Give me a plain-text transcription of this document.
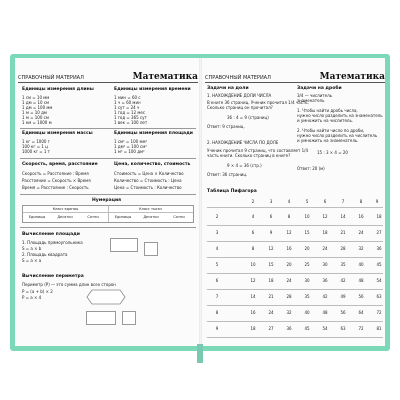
СПРАВОЧНЫЙ МАТЕРИАЛ	Математика
Единицы измерения длины	Единицы измерения времени
1 см = 10 мм
1 дм = 10 см
1 дм = 100 мм
1 м = 10 дм
1 м = 100 см
1 км = 1000 м
1 мин = 60 с
1 ч = 60 мин
1 сут = 24 ч
1 год = 12 мес
1 год = 365 сут
1 век = 100 лет
Единицы измерения массы	Единицы измерения площади
1 кг = 1000 г
100 кг = 1 ц
1000 кг = 1 т
1 см² = 100 мм²
1 дм² = 100 см²
1 м² = 100 дм²
Скорость, время, расстояние	Цена, количество, стоимость
Скорость = Расстояние : Время
Расстояние = Скорость × Время
Время = Расстояние : Скорость
Стоимость = Цена × Количество
Количество = Стоимость : Цена
Цена = Стоимость : Количество
Нумерация
Класс единиц	Класс тысяч
Единицы	Десятки	Сотни	Единицы	Десятки	Сотни
Вычисление площади
1. Площадь прямоугольника
S = a × b
2. Площадь квадрата
S = a × a
Вычисление периметра
Периметр (P) — это сумма длин всех сторон
P = (a + b) × 2
P = a × 4
СПРАВОЧНЫЙ МАТЕРИАЛ	Математика
Задачи на доли	Задачи на дроби
1. НАХОЖДЕНИЕ ДОЛИ ЧИСЛА
В книге 36 страниц. Ученик прочитал 1/4 часть.
Сколько страниц он прочитал?
36 : 4 = 9 (страниц)
Ответ: 9 страниц.
2. НАХОЖДЕНИЕ ЧИСЛА ПО ДОЛЕ
Ученик прочитал 9 страниц, что составляет 1/4
часть книги. Сколько страниц в книге?
9 × 4 = 36 (стр.)
Ответ: 36 страниц.
3/4 — числитель
знаменатель
1. Чтобы найти дробь числа,
нужно число разделить на знаменатель
и умножить на числитель.
2. Чтобы найти число по дроби,
нужно число разделить на числитель
и умножить на знаменатель.
15 : 3 × 4 = 20
Ответ: 20 (м)
Таблица Пифагора
2	3	4	5	6	7	8	9
2	4	6	8	10	12	14	16	18
3	6	9	12	15	18	21	24	27
4	8	12	16	20	24	28	32	36
5	10	15	20	25	30	35	40	45
6	12	18	24	30	36	42	48	54
7	14	21	28	35	42	49	56	63
8	16	24	32	40	48	56	64	72
9	18	27	36	45	54	63	72	81
